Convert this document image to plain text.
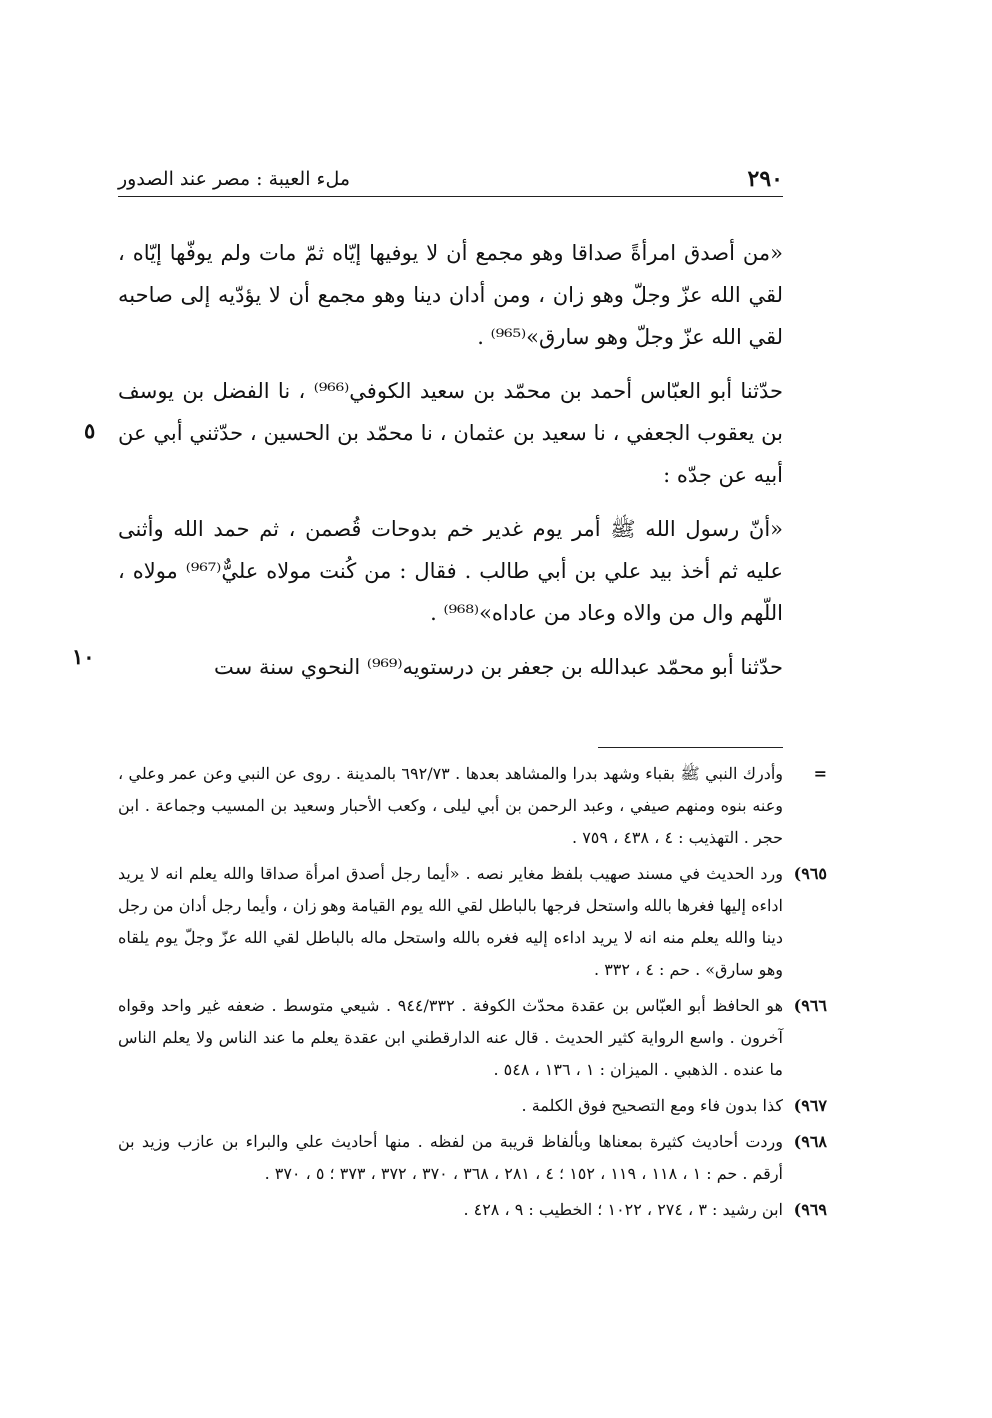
٢٩٠
ملء العيبة : مصر عند الصدور

«من أصدق امرأةً صداقا وهو مجمع أن لا يوفيها إيّاه ثمّ مات ولم يوفّها إيّاه ، لقي الله عزّ وجلّ وهو زان ، ومن أدان دينا وهو مجمع أن لا يؤدّيه إلى صاحبه لقي الله عزّ وجلّ وهو سارق»⁽⁹⁶⁵⁾ .

حدّثنا أبو العبّاس أحمد بن محمّد بن سعيد الكوفي⁽⁹⁶⁶⁾ ، نا الفضل بن يوسف بن يعقوب الجعفي ، نا سعيد بن عثمان ، نا محمّد بن الحسين ، حدّثني أبي عن أبيه عن جدّه :

«أنّ رسول الله ﷺ أمر يوم غدير خم بدوحات قُصمن ، ثم حمد الله وأثنى عليه ثم أخذ بيد علي بن أبي طالب . فقال : من كُنت مولاه عليٌّ⁽⁹⁶⁷⁾ مولاه ، اللّهم وال من والاه وعاد من عاداه»⁽⁹⁶⁸⁾ .

حدّثنا أبو محمّد عبدالله بن جعفر بن درستويه⁽⁹⁶⁹⁾ النحوي سنة ست

٥
١٠
=
وأدرك النبي ﷺ بقباء وشهد بدرا والمشاهد بعدها . ٦٩٢/٧٣ بالمدينة . روى عن النبي وعن عمر وعلي ، وعنه بنوه ومنهم صيفي ، وعبد الرحمن بن أبي ليلى ، وكعب الأحبار وسعيد بن المسيب وجماعة . ابن حجر . التهذيب : ٤ ، ٤٣٨ ، ٧٥٩ .
٩٦٥)
ورد الحديث في مسند صهيب بلفظ مغاير نصه . «أيما رجل أصدق امرأة صداقا والله يعلم انه لا يريد اداءه إليها فغرها بالله واستحل فرجها بالباطل لقي الله يوم القيامة وهو زان ، وأيما رجل أدان من رجل دينا والله يعلم منه انه لا يريد اداءه إليه فغره بالله واستحل ماله بالباطل لقي الله عزّ وجلّ يوم يلقاه وهو سارق» . حم : ٤ ، ٣٣٢ .
٩٦٦)
هو الحافظ أبو العبّاس بن عقدة محدّث الكوفة . ٩٤٤/٣٣٢ . شيعي متوسط . ضعفه غير واحد وقواه آخرون . واسع الرواية كثير الحديث . قال عنه الدارقطني ابن عقدة يعلم ما عند الناس ولا يعلم الناس ما عنده . الذهبي . الميزان : ١ ، ١٣٦ ، ٥٤٨ .
٩٦٧)
كذا بدون فاء ومع التصحيح فوق الكلمة .
٩٦٨)
وردت أحاديث كثيرة بمعناها وبألفاظ قريبة من لفظه . منها أحاديث علي والبراء بن عازب وزيد بن أرقم . حم : ١ ، ١١٨ ، ١١٩ ، ١٥٢ ؛ ٤ ، ٢٨١ ، ٣٦٨ ، ٣٧٠ ، ٣٧٢ ، ٣٧٣ ؛ ٥ ، ٣٧٠ .
٩٦٩)
ابن رشيد : ٣ ، ٢٧٤ ، ١٠٢٢ ؛ الخطيب : ٩ ، ٤٢٨ .
